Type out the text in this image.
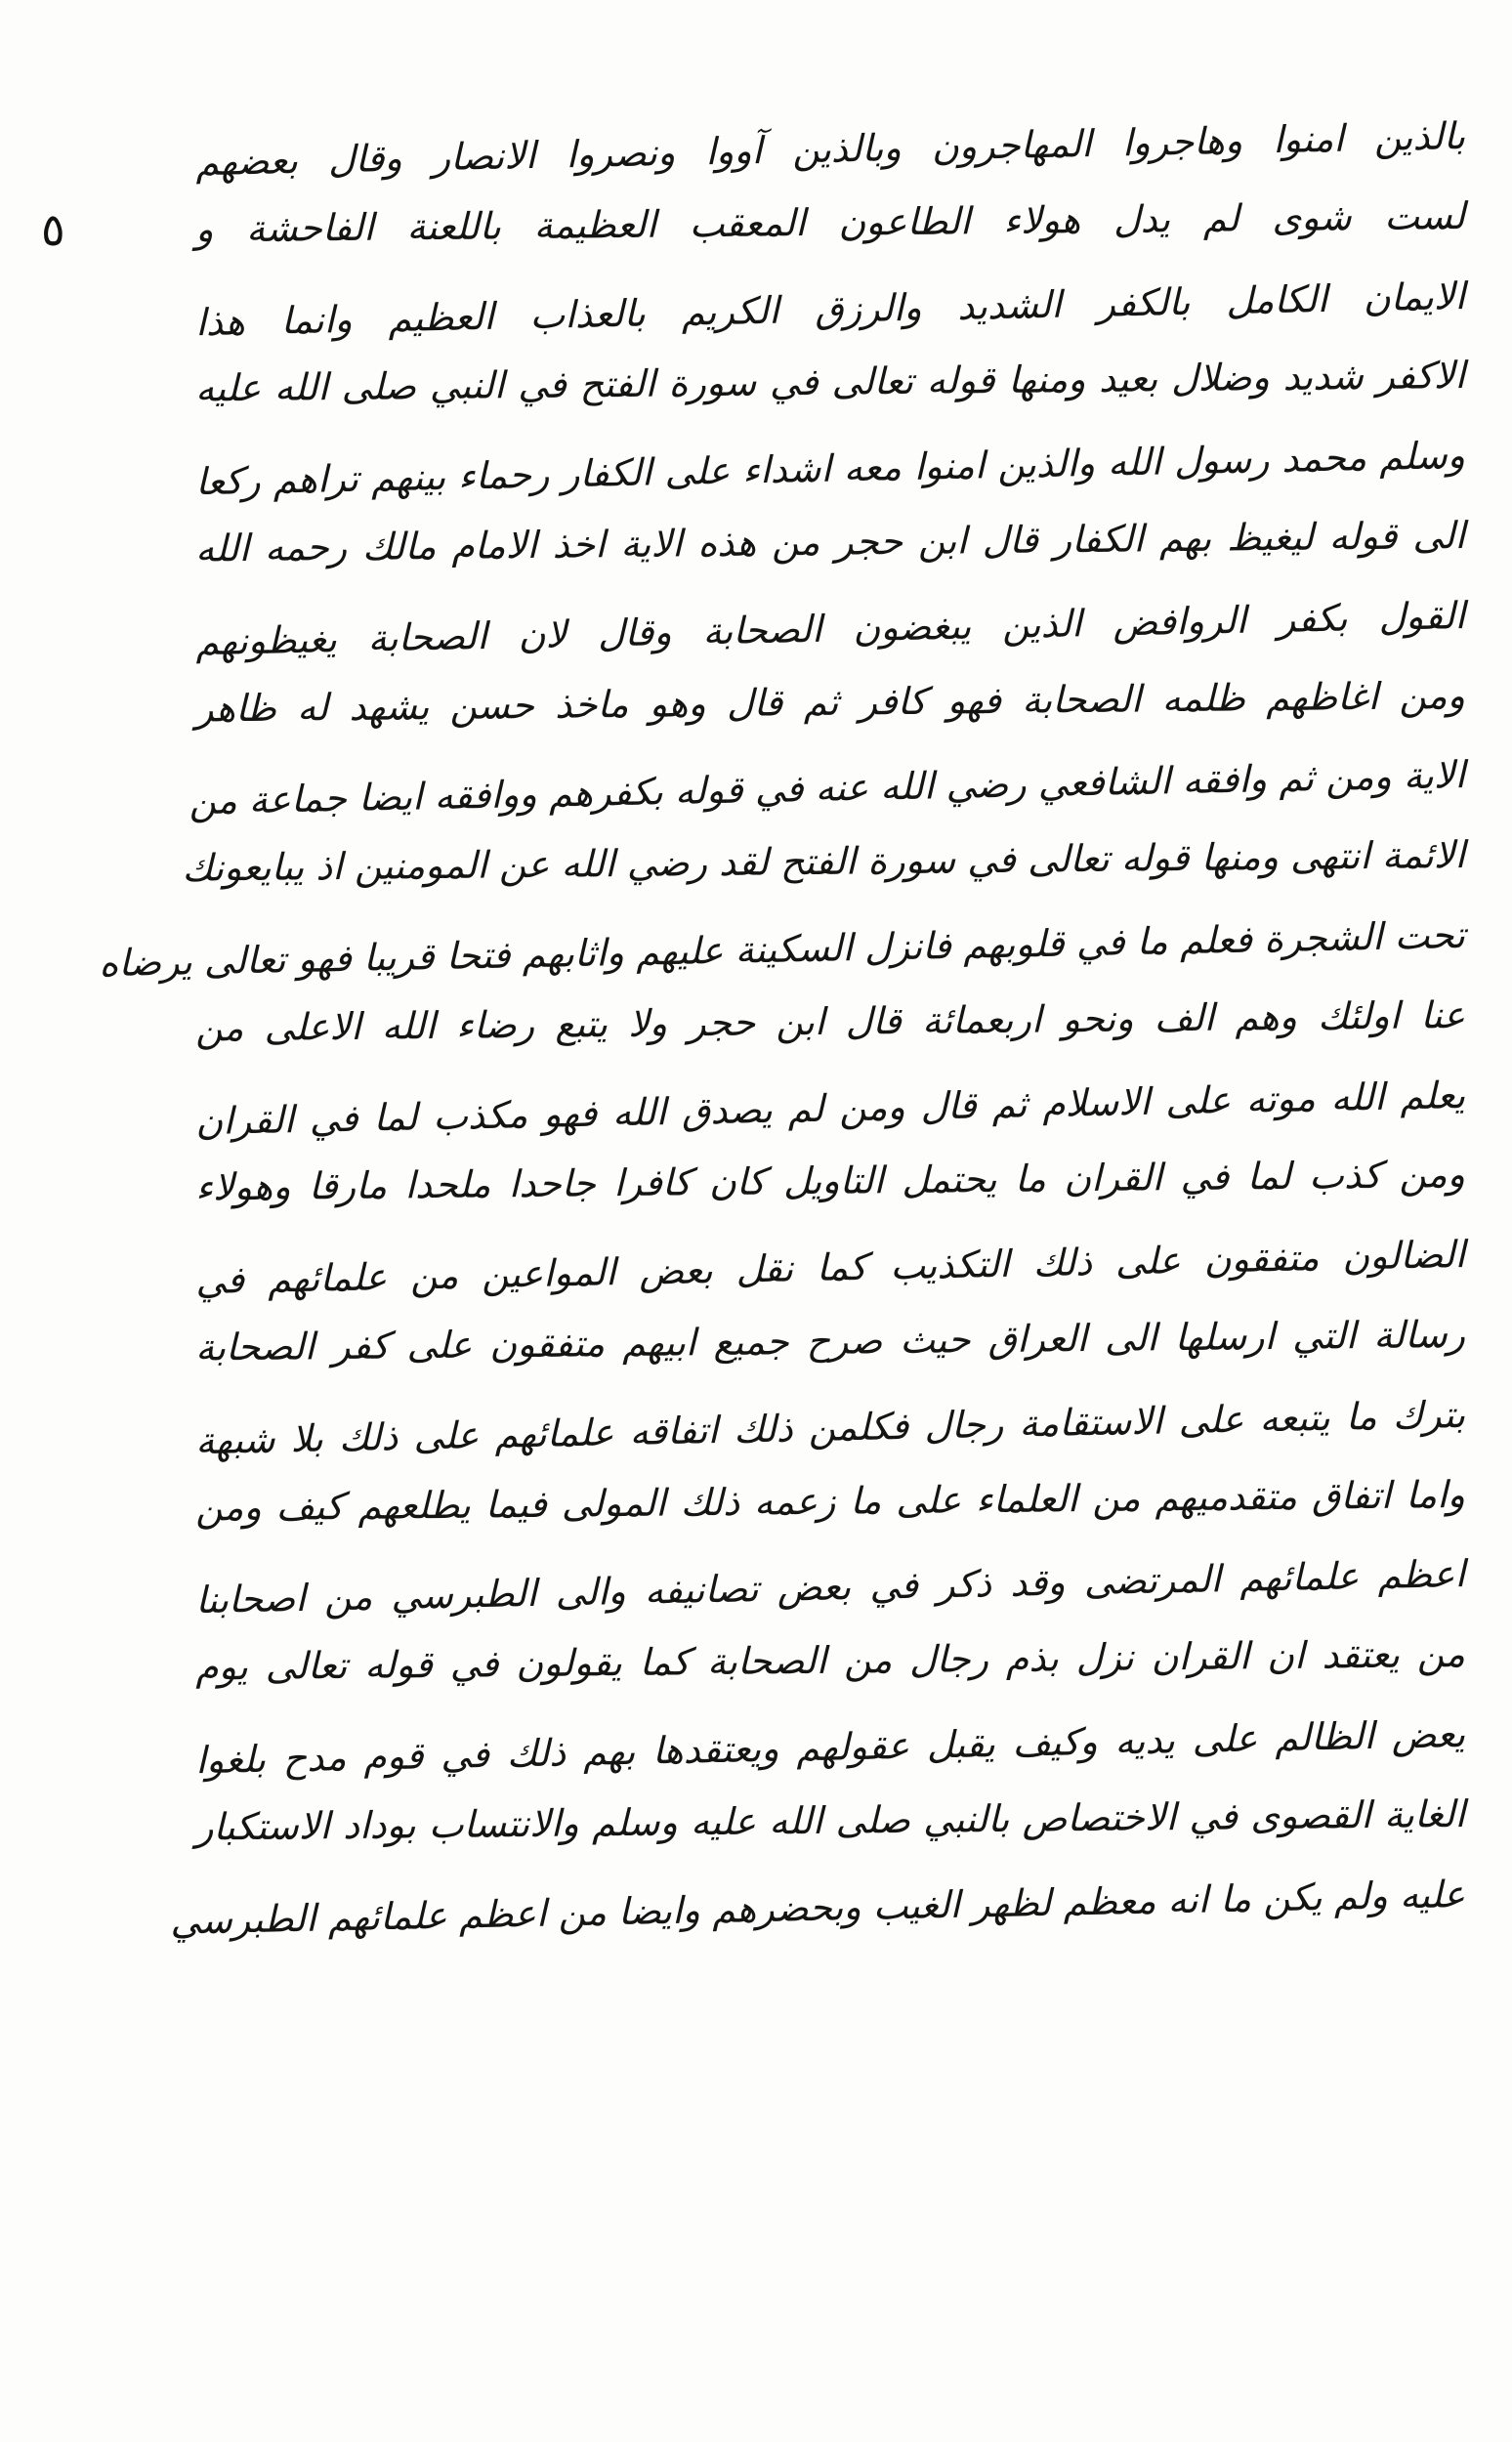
٥
بالذين امنوا وهاجروا المهاجرون وبالذين آووا ونصروا الانصار وقال بعضهم
لست شوى لم يدل هولاء الطاعون المعقب العظيمة باللعنة الفاحشة و
الايمان الكامل بالكفر الشديد والرزق الكريم بالعذاب العظيم وانما هذا
الاكفر شديد وضلال بعيد ومنها قوله تعالى في سورة الفتح في النبي صلى الله عليه
وسلم محمد رسول الله والذين امنوا معه اشداء على الكفار رحماء بينهم تراهم ركعا
الى قوله ليغيظ بهم الكفار قال ابن حجر من هذه الاية اخذ الامام مالك رحمه الله
القول بكفر الروافض الذين يبغضون الصحابة وقال لان الصحابة يغيظونهم
ومن اغاظهم ظلمه الصحابة فهو كافر ثم قال وهو ماخذ حسن يشهد له ظاهر
الاية ومن ثم وافقه الشافعي رضي الله عنه في قوله بكفرهم ووافقه ايضا جماعة من
الائمة انتهى ومنها قوله تعالى في سورة الفتح لقد رضي الله عن المومنين اذ يبايعونك
تحت الشجرة فعلم ما في قلوبهم فانزل السكينة عليهم واثابهم فتحا قريبا فهو تعالى يرضاه
عنا اولئك وهم الف ونحو اربعمائة قال ابن حجر ولا يتبع رضاء الله الاعلى من
يعلم الله موته على الاسلام ثم قال ومن لم يصدق الله فهو مكذب لما في القران
ومن كذب لما في القران ما يحتمل التاويل كان كافرا جاحدا ملحدا مارقا وهولاء
الضالون متفقون على ذلك التكذيب كما نقل بعض المواعين من علمائهم في
رسالة التي ارسلها الى العراق حيث صرح جميع ابيهم متفقون على كفر الصحابة
بترك ما يتبعه على الاستقامة رجال فكلمن ذلك اتفاقه علمائهم على ذلك بلا شبهة
واما اتفاق متقدميهم من العلماء على ما زعمه ذلك المولى فيما يطلعهم كيف ومن
اعظم علمائهم المرتضى وقد ذكر في بعض تصانيفه والى الطبرسي من اصحابنا
من يعتقد ان القران نزل بذم رجال من الصحابة كما يقولون في قوله تعالى يوم
يعض الظالم على يديه وكيف يقبل عقولهم ويعتقدها بهم ذلك في قوم مدح بلغوا
الغاية القصوى في الاختصاص بالنبي صلى الله عليه وسلم والانتساب بوداد الاستكبار
عليه ولم يكن ما انه معظم لظهر الغيب وبحضرهم وايضا من اعظم علمائهم الطبرسي
